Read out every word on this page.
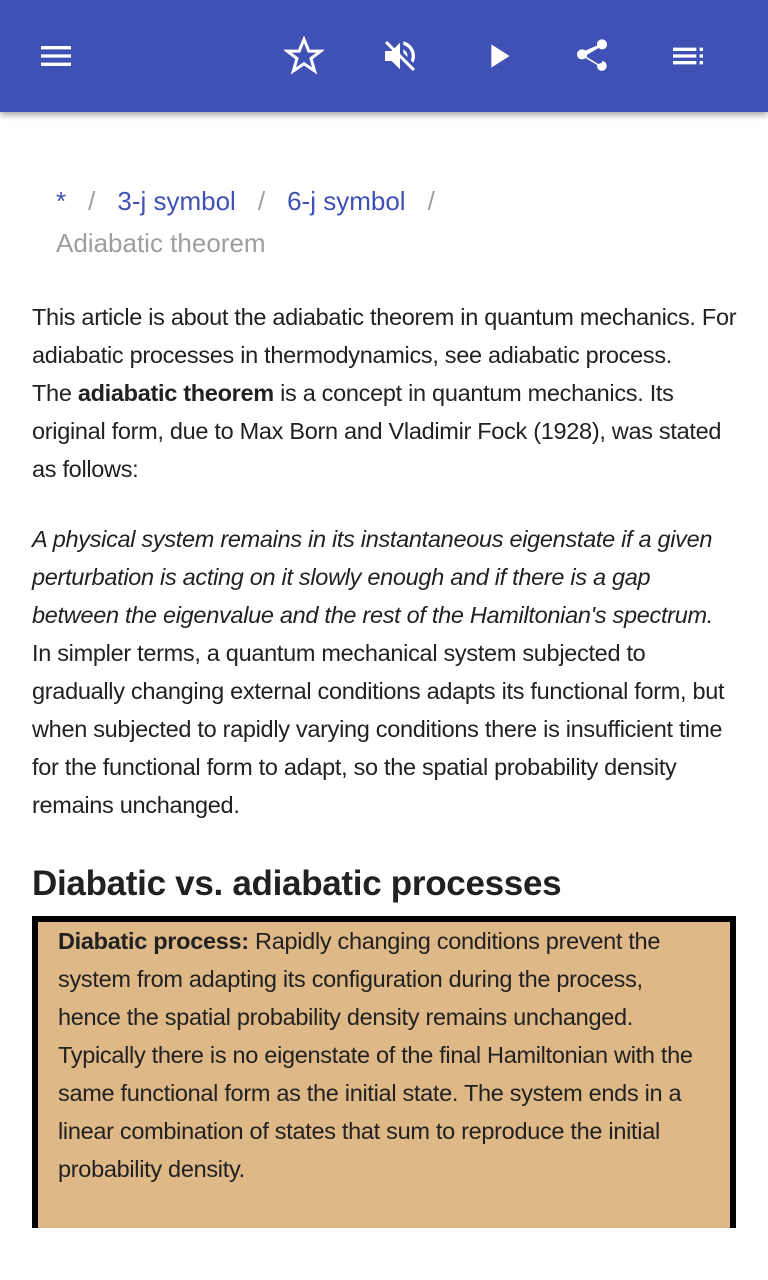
* / 3-j symbol / 6-j symbol /
Adiabatic theorem

This article is about the adiabatic theorem in quantum mechanics. For adiabatic processes in thermodynamics, see adiabatic process.

The adiabatic theorem is a concept in quantum mechanics. Its original form, due to Max Born and Vladimir Fock (1928), was stated as follows:

A physical system remains in its instantaneous eigenstate if a given perturbation is acting on it slowly enough and if there is a gap between the eigenvalue and the rest of the Hamiltonian's spectrum.

In simpler terms, a quantum mechanical system subjected to gradually changing external conditions adapts its functional form, but when subjected to rapidly varying conditions there is insufficient time for the functional form to adapt, so the spatial probability density remains unchanged.

Diabatic vs. adiabatic processes
Diabatic process: Rapidly changing conditions prevent the system from adapting its configuration during the process, hence the spatial probability density remains unchanged. Typically there is no eigenstate of the final Hamiltonian with the same functional form as the initial state. The system ends in a linear combination of states that sum to reproduce the initial probability density.
